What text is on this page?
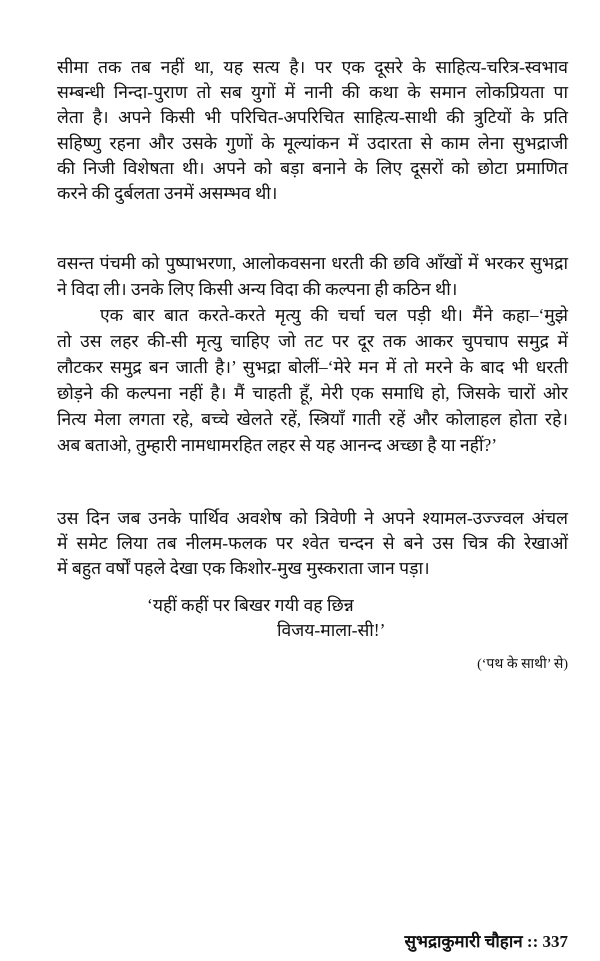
सीमा तक तब नहीं था, यह सत्य है। पर एक दूसरे के साहित्य-चरित्र-स्वभाव
सम्बन्धी निन्दा-पुराण तो सब युगों में नानी की कथा के समान लोकप्रियता पा
लेता है। अपने किसी भी परिचित-अपरिचित साहित्य-साथी की त्रुटियों के प्रति
सहिष्णु रहना और उसके गुणों के मूल्यांकन में उदारता से काम लेना सुभद्राजी
की निजी विशेषता थी। अपने को बड़ा बनाने के लिए दूसरों को छोटा प्रमाणित
करने की दुर्बलता उनमें असम्भव थी।
वसन्त पंचमी को पुष्पाभरणा, आलोकवसना धरती की छवि आँखों में भरकर सुभद्रा
ने विदा ली। उनके लिए किसी अन्य विदा की कल्पना ही कठिन थी।
एक बार बात करते-करते मृत्यु की चर्चा चल पड़ी थी। मैंने कहा–‘मुझे
तो उस लहर की-सी मृत्यु चाहिए जो तट पर दूर तक आकर चुपचाप समुद्र में
लौटकर समुद्र बन जाती है।’ सुभद्रा बोलीं–‘मेरे मन में तो मरने के बाद भी धरती
छोड़ने की कल्पना नहीं है। मैं चाहती हूँ, मेरी एक समाधि हो, जिसके चारों ओर
नित्य मेला लगता रहे, बच्चे खेलते रहें, स्त्रियाँ गाती रहें और कोलाहल होता रहे।
अब बताओ, तुम्हारी नामधामरहित लहर से यह आनन्द अच्छा है या नहीं?’
उस दिन जब उनके पार्थिव अवशेष को त्रिवेणी ने अपने श्यामल-उज्ज्वल अंचल
में समेट लिया तब नीलम-फलक पर श्वेत चन्दन से बने उस चित्र की रेखाओं
में बहुत वर्षों पहले देखा एक किशोर-मुख मुस्कराता जान पड़ा।
‘यहीं कहीं पर बिखर गयी वह छिन्न
विजय-माला-सी!’
(‘पथ के साथी’ से)
सुभद्राकुमारी चौहान :: 337
